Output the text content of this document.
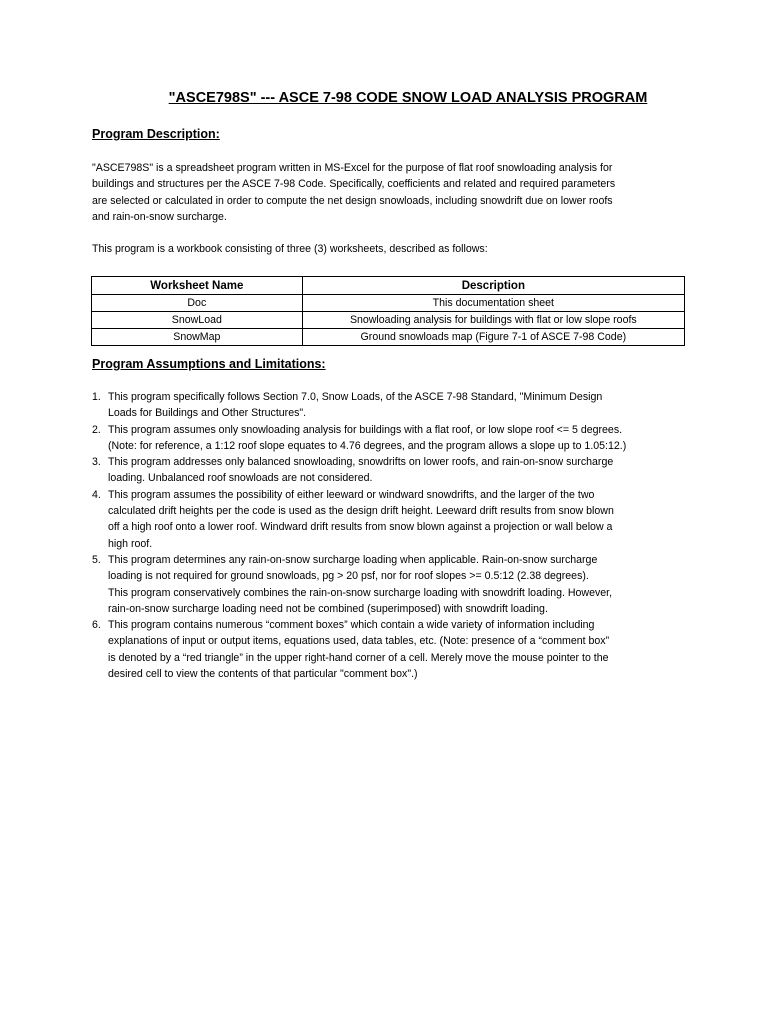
"ASCE798S" --- ASCE 7-98 CODE SNOW LOAD ANALYSIS PROGRAM
Program Description:
"ASCE798S" is a spreadsheet program written in MS-Excel for the purpose of flat roof snowloading analysis for
buildings and structures per the ASCE 7-98 Code. Specifically, coefficients and related and required parameters
are selected or calculated in order to compute the net design snowloads, including snowdrift due on lower roofs
and rain-on-snow surcharge.
This program is a workbook consisting of three (3) worksheets, described as follows:
Worksheet Name	Description
Doc	This documentation sheet
SnowLoad	Snowloading analysis for buildings with flat or low slope roofs
SnowMap	Ground snowloads map (Figure 7-1 of ASCE 7-98 Code)
Program Assumptions and Limitations:
1. This program specifically follows Section 7.0, Snow Loads, of the ASCE 7-98 Standard, "Minimum Design
Loads for Buildings and Other Structures".
2. This program assumes only snowloading analysis for buildings with a flat roof, or low slope roof <= 5 degrees.
(Note: for reference, a 1:12 roof slope equates to 4.76 degrees, and the program allows a slope up to 1.05:12.)
3. This program addresses only balanced snowloading, snowdrifts on lower roofs, and rain-on-snow surcharge
loading. Unbalanced roof snowloads are not considered.
4. This program assumes the possibility of either leeward or windward snowdrifts, and the larger of the two
calculated drift heights per the code is used as the design drift height. Leeward drift results from snow blown
off a high roof onto a lower roof. Windward drift results from snow blown against a projection or wall below a
high roof.
5. This program determines any rain-on-snow surcharge loading when applicable. Rain-on-snow surcharge
loading is not required for ground snowloads, pg > 20 psf, nor for roof slopes >= 0.5:12 (2.38 degrees).
This program conservatively combines the rain-on-snow surcharge loading with snowdrift loading. However,
rain-on-snow surcharge loading need not be combined (superimposed) with snowdrift loading.
6. This program contains numerous “comment boxes” which contain a wide variety of information including
explanations of input or output items, equations used, data tables, etc. (Note: presence of a “comment box”
is denoted by a “red triangle” in the upper right-hand corner of a cell. Merely move the mouse pointer to the
desired cell to view the contents of that particular "comment box".)
